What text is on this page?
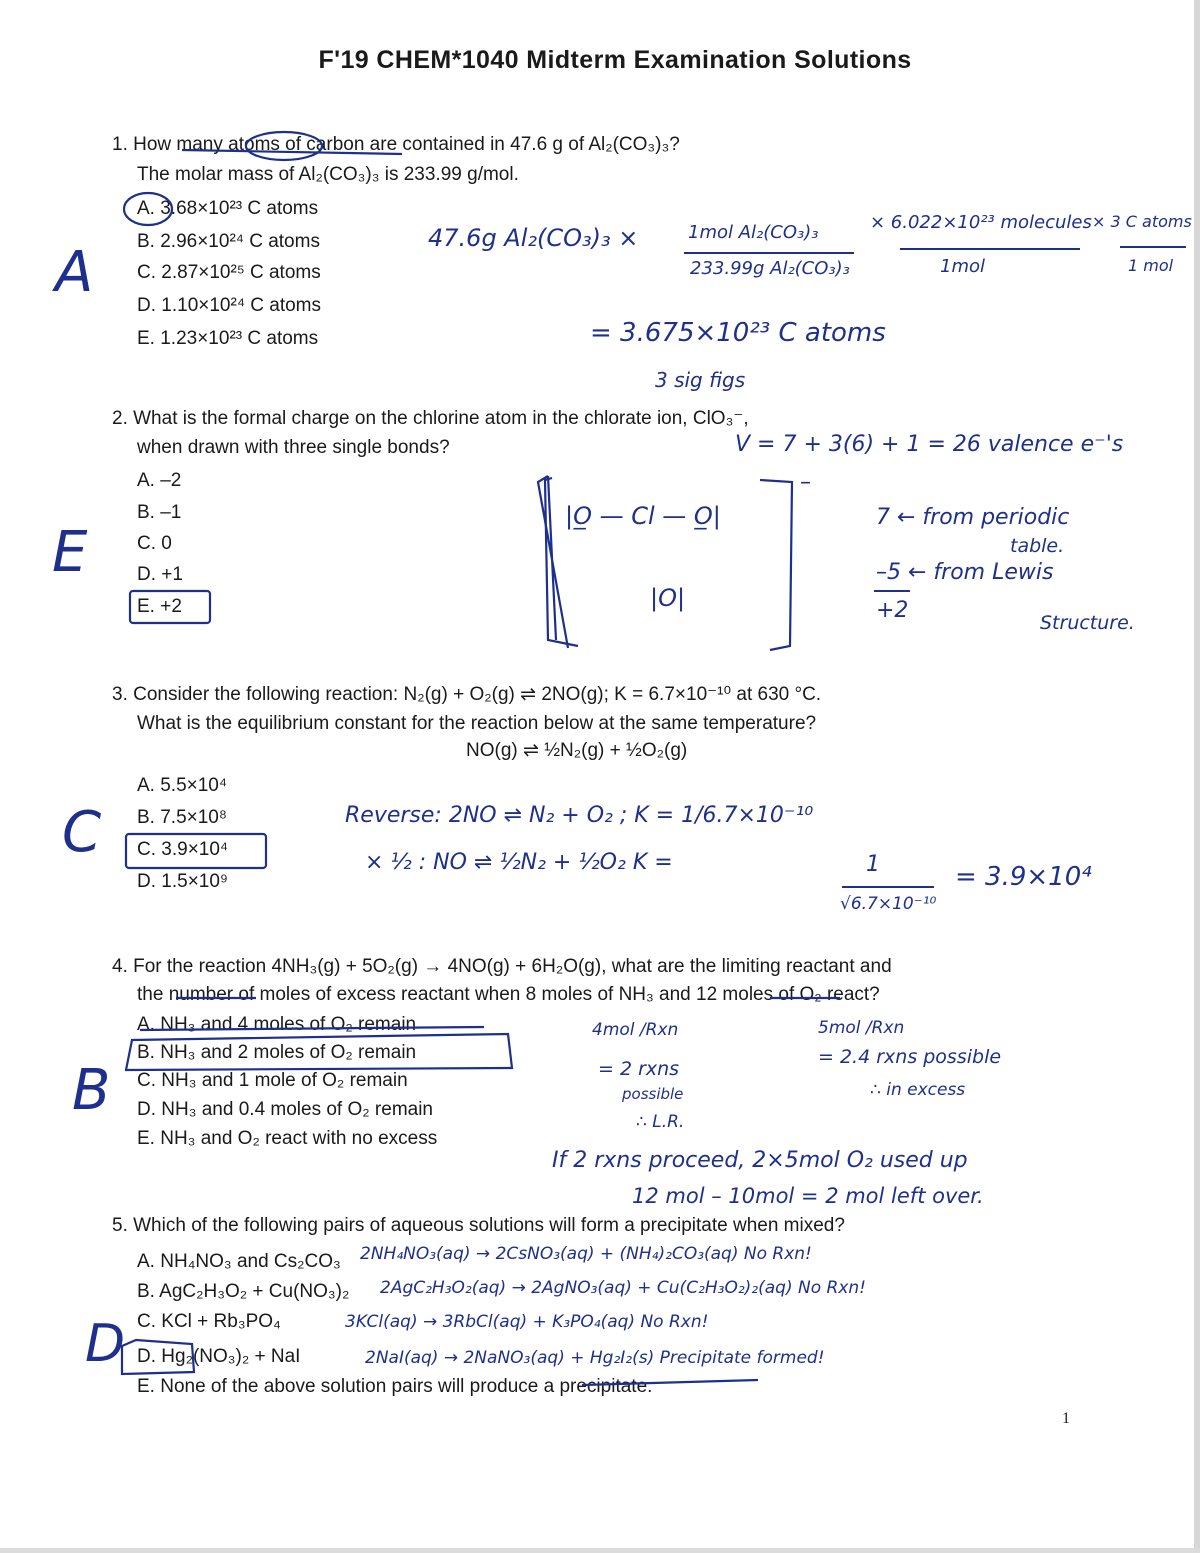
F'19 CHEM*1040 Midterm Examination Solutions
1. How many atoms of carbon are contained in 47.6 g of Al₂(CO₃)₃?
The molar mass of Al₂(CO₃)₃ is 233.99 g/mol.
A. 3.68×10²³ C atoms
B. 2.96×10²⁴ C atoms
C. 2.87×10²⁵ C atoms
D. 1.10×10²⁴ C atoms
E. 1.23×10²³ C atoms
A
47.6g Al₂(CO₃)₃ ×	1mol Al₂(CO₃)₃
233.99g Al₂(CO₃)₃
× 6.022×10²³ molecules
1mol
× 3 C atoms
1 mol
= 3.675×10²³ C atoms
3 sig figs
2. What is the formal charge on the chlorine atom in the chlorate ion, ClO₃⁻,
when drawn with three single bonds?
A. –2
B. –1
C. 0
D. +1
E. +2
E
V = 7 + 3(6) + 1 = 26 valence e⁻'s
|O̲ — Cl — O̲|
|O|
–
7 ← from periodic
table.
–5 ← from Lewis
Structure.
+2
3. Consider the following reaction: N₂(g) + O₂(g) ⇌ 2NO(g); K = 6.7×10⁻¹⁰ at 630 °C.
What is the equilibrium constant for the reaction below at the same temperature?
NO(g) ⇌ ½N₂(g) + ½O₂(g)
A. 5.5×10⁴
B. 7.5×10⁸
C. 3.9×10⁴
D. 1.5×10⁹
C	Reverse: 2NO ⇌ N₂ + O₂ ; K = 1/6.7×10⁻¹⁰
× ½ : NO ⇌ ½N₂ + ½O₂ K =	1
√6.7×10⁻¹⁰
= 3.9×10⁴
4. For the reaction 4NH₃(g) + 5O₂(g) → 4NO(g) + 6H₂O(g), what are the limiting reactant and
the number of moles of excess reactant when 8 moles of NH₃ and 12 moles of O₂ react?
A. NH₃ and 4 moles of O₂ remain
B. NH₃ and 2 moles of O₂ remain
C. NH₃ and 1 mole of O₂ remain
D. NH₃ and 0.4 moles of O₂ remain
E. NH₃ and O₂ react with no excess
B
4mol /Rxn
= 2 rxns
possible
∴ L.R.
5mol /Rxn
= 2.4 rxns possible
∴ in excess
If 2 rxns proceed, 2×5mol O₂ used up
12 mol – 10mol = 2 mol left over.
5. Which of the following pairs of aqueous solutions will form a precipitate when mixed?
A. NH₄NO₃ and Cs₂CO₃
B. AgC₂H₃O₂ + Cu(NO₃)₂
C. KCl + Rb₃PO₄
D. Hg₂(NO₃)₂ + NaI
E. None of the above solution pairs will produce a precipitate.
D
2NH₄NO₃(aq) → 2CsNO₃(aq) + (NH₄)₂CO₃(aq) No Rxn!
2AgC₂H₃O₂(aq) → 2AgNO₃(aq) + Cu(C₂H₃O₂)₂(aq) No Rxn!
3KCl(aq) → 3RbCl(aq) + K₃PO₄(aq) No Rxn!
2NaI(aq) → 2NaNO₃(aq) + Hg₂I₂(s) Precipitate formed!
1
